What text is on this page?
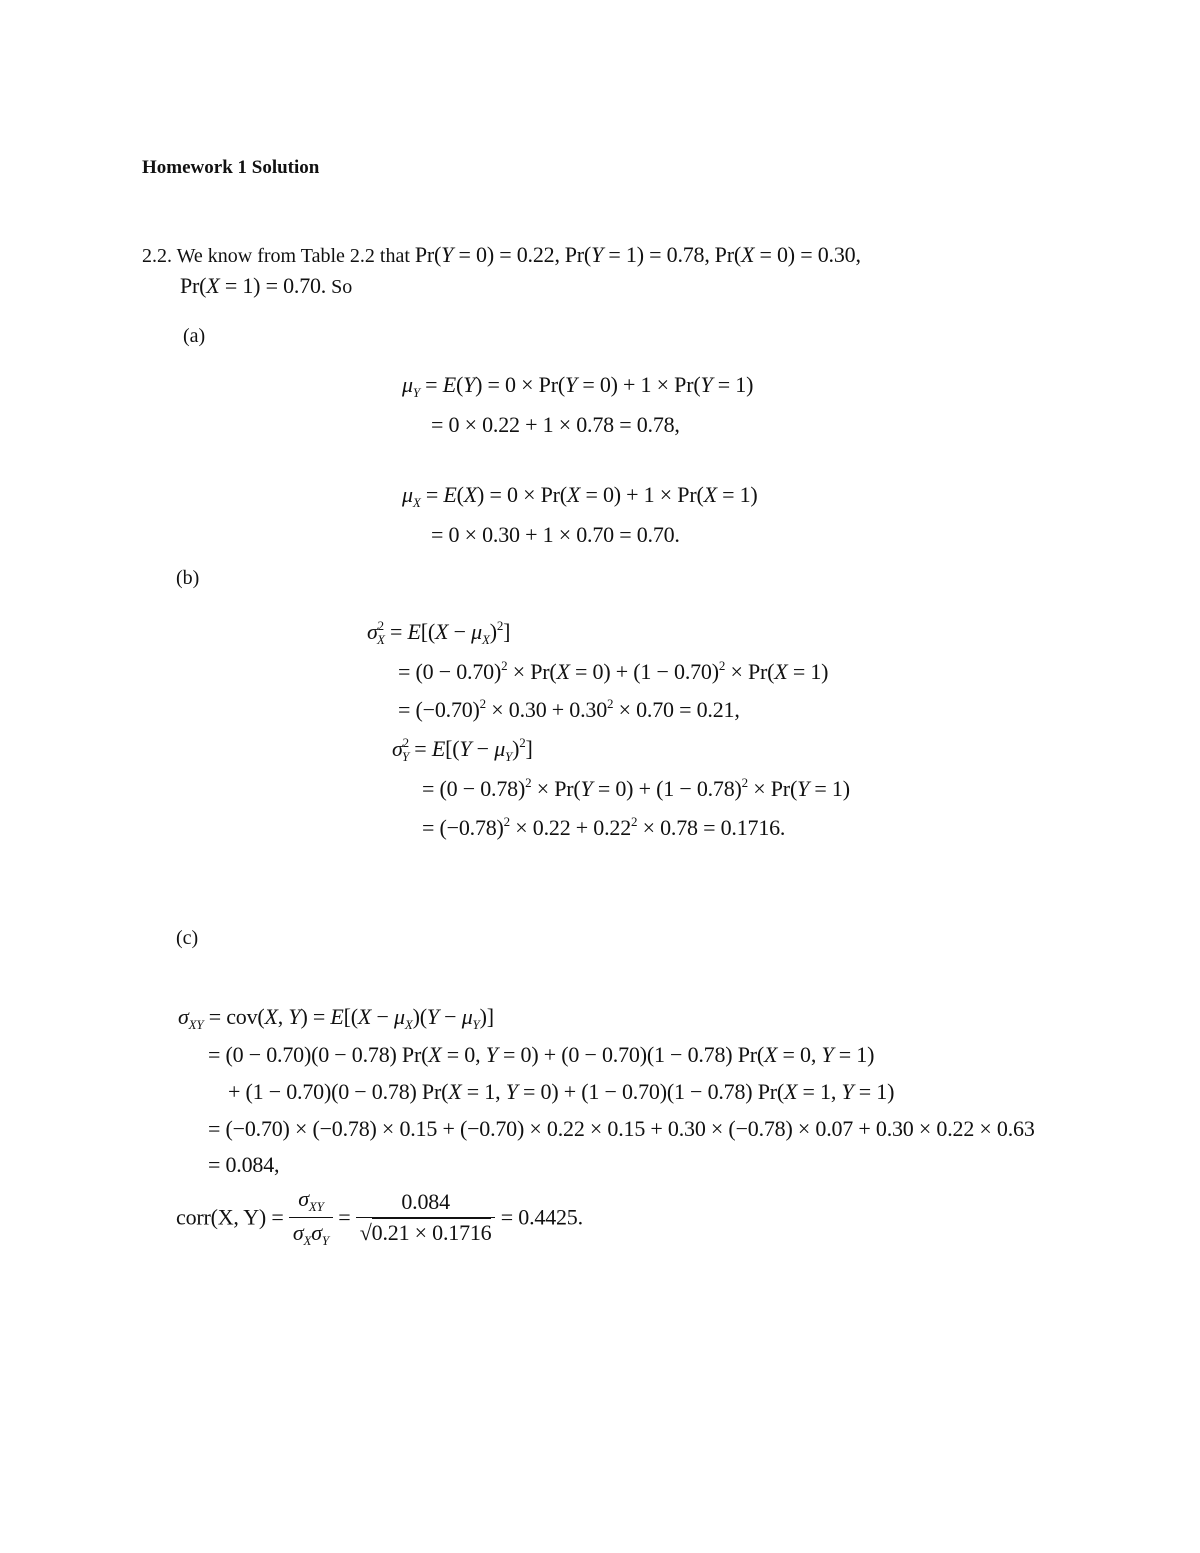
Homework 1 Solution
2.2. We know from Table 2.2 that Pr(Y = 0) = 0.22, Pr(Y = 1) = 0.78, Pr(X = 0) = 0.30,
Pr(X = 1) = 0.70. So
(a)
$\mu_Y = E(Y) = 0 \times Pr(Y = 0) + 1 \times Pr(Y = 1)$
= 0 × 0.22 + 1 × 0.78 = 0.78,
$\mu_X = E(X) = 0 \times Pr(X = 0) + 1 \times Pr(X = 1)$
= 0 × 0.30 + 1 × 0.70 = 0.70.
(b)
$\sigma^2_X = E[(X - \mu_X)^2]$
= $(0 - 0.70)^2 \times Pr(X = 0) + (1 - 0.70)^2 \times Pr(X = 1)$
= $(-0.70)^2 \times 0.30 + 0.30^2 \times 0.70 = 0.21$,
$\sigma^2_Y = E[(Y - \mu_Y)^2]$
= $(0 - 0.78)^2 \times Pr(Y = 0) + (1 - 0.78)^2 \times Pr(Y = 1)$
= $(-0.78)^2 \times 0.22 + 0.22^2 \times 0.78 = 0.1716$.
(c)
$\sigma_{XY} = cov(X$, $Y) = E[(X - \mu_X)(Y - \mu_Y)]$
= (0 − 0.70)(0 − 0.78) Pr(X = 0, Y = 0) + (0 − 0.70)(1 − 0.78) Pr(X = 0, Y = 1)
+ (1 − 0.70)(0 − 0.78) Pr(X = 1, Y = 0) + (1 − 0.70)(1 − 0.78) Pr(X = 1, Y = 1)
= (−0.70) × (−0.78) × 0.15 + (−0.70) × 0.22 × 0.15 + 0.30 × (−0.78) × 0.07 + 0.30 × 0.22 × 0.63
= 0.084,
corr(X, $Y) = \frac{\sigma_{XY}}{\sigma_X\sigma_Y} = \frac{0.084}{√0.21 \times 0.1716} = 0.4425$.
